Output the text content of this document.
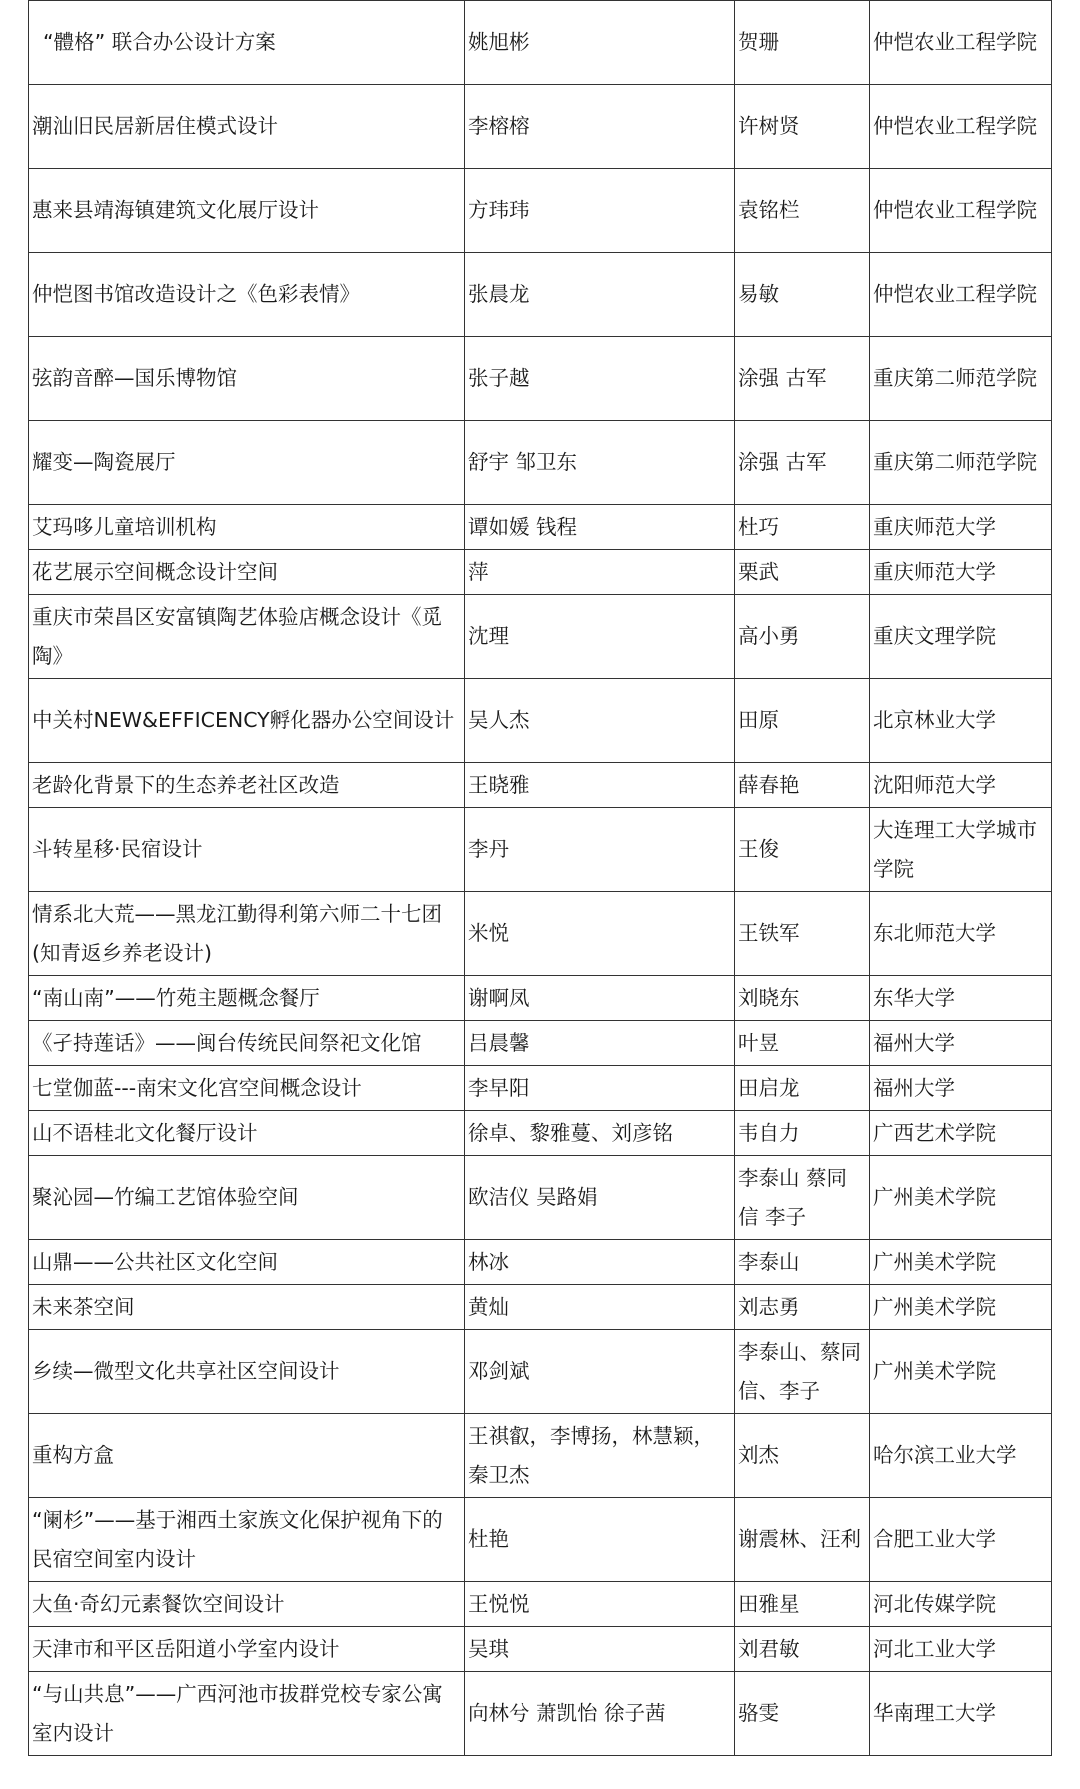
“體格” 联合办公设计方案	姚旭彬	贺珊	仲恺农业工程学院
潮汕旧民居新居住模式设计	李榕榕	许树贤	仲恺农业工程学院
惠来县靖海镇建筑文化展厅设计	方玮玮	袁铭栏	仲恺农业工程学院
仲恺图书馆改造设计之《色彩表情》	张晨龙	易敏	仲恺农业工程学院
弦韵音醉—国乐博物馆	张子越	涂强 古军	重庆第二师范学院
耀变—陶瓷展厅	舒宇 邹卫东	涂强 古军	重庆第二师范学院
艾玛哆儿童培训机构	谭如媛 钱程	杜巧	重庆师范大学
花艺展示空间概念设计空间	萍	栗武	重庆师范大学
重庆市荣昌区安富镇陶艺体验店概念设计《觅陶》	沈理	高小勇	重庆文理学院
中关村NEW&EFFICENCY孵化器办公空间设计	吴人杰	田原	北京林业大学
老龄化背景下的生态养老社区改造	王晓雅	薛春艳	沈阳师范大学
斗转星移·民宿设计	李丹	王俊	大连理工大学城市学院
情系北大荒——黑龙江勤得利第六师二十七团(知青返乡养老设计)	米悦	王铁军	东北师范大学
“南山南”——竹苑主题概念餐厅	谢啊凤	刘晓东	东华大学
《孑持莲话》——闽台传统民间祭祀文化馆	吕晨馨	叶昱	福州大学
七堂伽蓝---南宋文化宫空间概念设计	李早阳	田启龙	福州大学
山不语桂北文化餐厅设计	徐卓、黎雅蔓、刘彦铭	韦自力	广西艺术学院
聚沁园—竹编工艺馆体验空间	欧洁仪 吴路娟	李泰山 蔡同信 李子	广州美术学院
山鼎——公共社区文化空间	林冰	李泰山	广州美术学院
未来茶空间	黄灿	刘志勇	广州美术学院
乡续—微型文化共享社区空间设计	邓剑斌	李泰山、蔡同信、李子	广州美术学院
重构方盒	王祺叡，李博扬，林慧颖，秦卫杰	刘杰	哈尔滨工业大学
“阑杉”——基于湘西土家族文化保护视角下的民宿空间室内设计	杜艳	谢震林、汪利	合肥工业大学
大鱼·奇幻元素餐饮空间设计	王悦悦	田雅星	河北传媒学院
天津市和平区岳阳道小学室内设计	吴琪	刘君敏	河北工业大学
“与山共息”——广西河池市拔群党校专家公寓室内设计	向林兮 萧凯怡 徐子茜	骆雯	华南理工大学
